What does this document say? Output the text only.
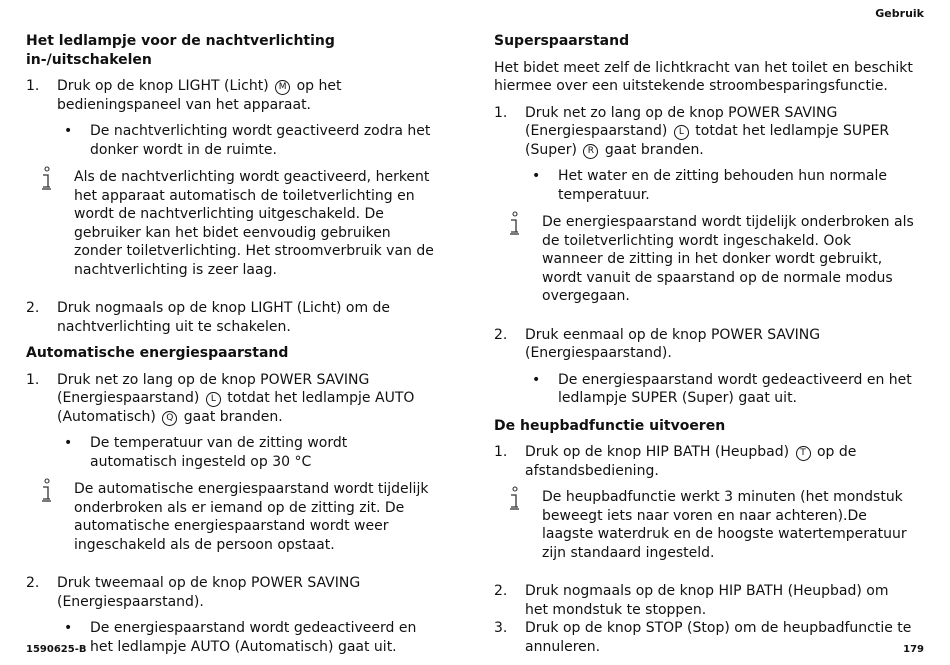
Gebruik
Het ledlampje voor de nachtverlichting in-/uitschakelen
1. Druk op de knop LIGHT (Licht) M op het bedieningspaneel van het apparaat.
• De nachtverlichting wordt geactiveerd zodra het donker wordt in de ruimte.
Als de nachtverlichting wordt geactiveerd, herkent het apparaat automatisch de toiletverlichting en wordt de nachtverlichting uitgeschakeld. De gebruiker kan het bidet eenvoudig gebruiken zonder toiletverlichting. Het stroomverbruik van de nachtverlichting is zeer laag.
2. Druk nogmaals op de knop LIGHT (Licht) om de nachtverlichting uit te schakelen.
Automatische energiespaarstand
1. Druk net zo lang op de knop POWER SAVING (Energiespaarstand) L totdat het ledlampje AUTO (Automatisch) Q gaat branden.
• De temperatuur van de zitting wordt automatisch ingesteld op 30 °C
De automatische energiespaarstand wordt tijdelijk onderbroken als er iemand op de zitting zit. De automatische energiespaarstand wordt weer ingeschakeld als de persoon opstaat.
2. Druk tweemaal op de knop POWER SAVING (Energiespaarstand).
• De energiespaarstand wordt gedeactiveerd en het ledlampje AUTO (Automatisch) gaat uit.
Superspaarstand

Het bidet meet zelf de lichtkracht van het toilet en beschikt hiermee over een uitstekende stroombesparingsfunctie.

1. Druk net zo lang op de knop POWER SAVING (Energiespaarstand) L totdat het ledlampje SUPER (Super) R gaat branden.
• Het water en de zitting behouden hun normale temperatuur.
De energiespaarstand wordt tijdelijk onderbroken als de toiletverlichting wordt ingeschakeld. Ook wanneer de zitting in het donker wordt gebruikt, wordt vanuit de spaarstand op de normale modus overgegaan.
2. Druk eenmaal op de knop POWER SAVING (Energiespaarstand).
• De energiespaarstand wordt gedeactiveerd en het ledlampje SUPER (Super) gaat uit.
De heupbadfunctie uitvoeren
1. Druk op de knop HIP BATH (Heupbad) T op de afstandsbediening.
De heupbadfunctie werkt 3 minuten (het mondstuk beweegt iets naar voren en naar achteren).De laagste waterdruk en de hoogste watertemperatuur zijn standaard ingesteld.
2. Druk nogmaals op de knop HIP BATH (Heupbad) om het mondstuk te stoppen.
3. Druk op de knop STOP (Stop) om de heupbadfunctie te annuleren.
1590625-B	179
